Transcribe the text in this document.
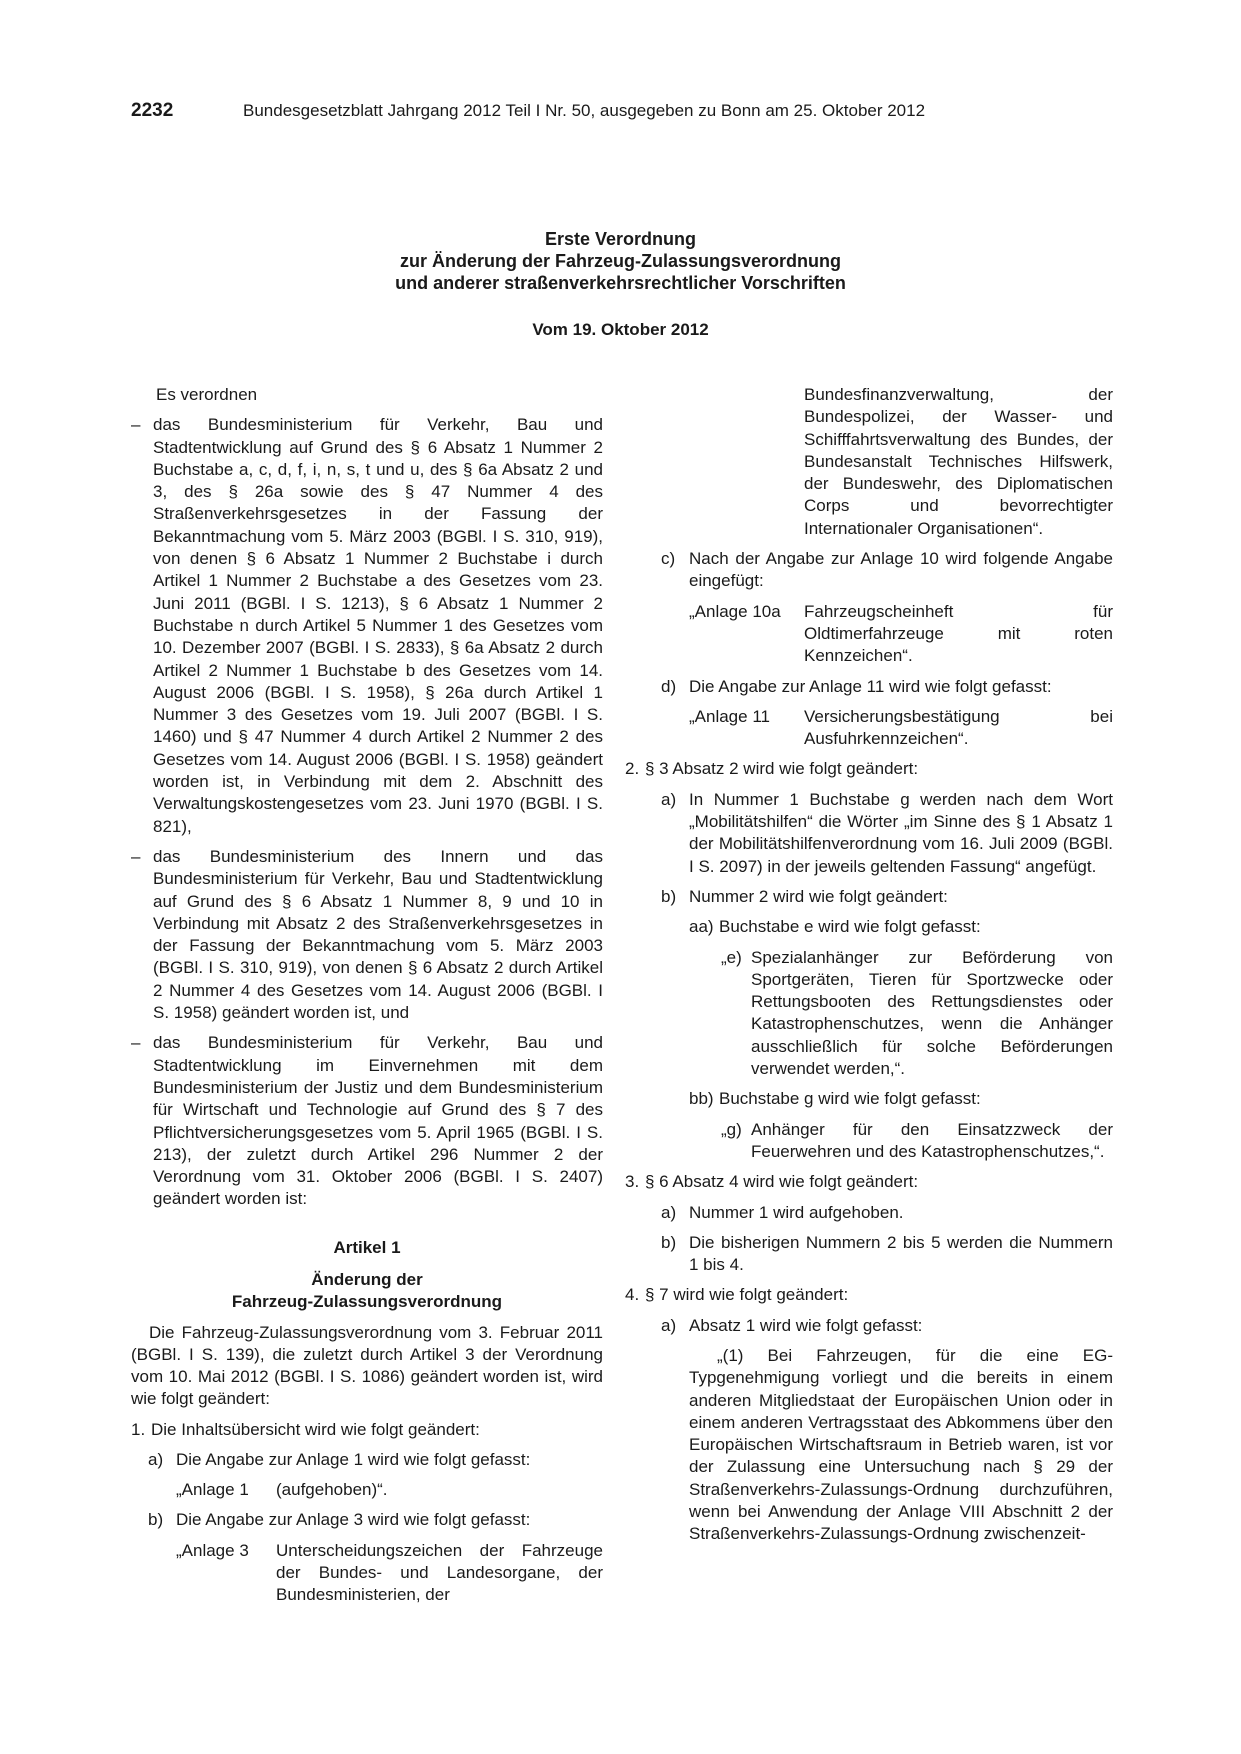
2232	Bundesgesetzblatt Jahrgang 2012 Teil I Nr. 50, ausgegeben zu Bonn am 25. Oktober 2012
Erste Verordnung
zur Änderung der Fahrzeug-Zulassungsverordnung
und anderer straßenverkehrsrechtlicher Vorschriften
Vom 19. Oktober 2012

Es verordnen

– das Bundesministerium für Verkehr, Bau und Stadtentwicklung auf Grund des § 6 Absatz 1 Nummer 2 Buchstabe a, c, d, f, i, n, s, t und u, des § 6a Absatz 2 und 3, des § 26a sowie des § 47 Nummer 4 des Straßenverkehrsgesetzes in der Fassung der Bekanntmachung vom 5. März 2003 (BGBl. I S. 310, 919), von denen § 6 Absatz 1 Nummer 2 Buchstabe i durch Artikel 1 Nummer 2 Buchstabe a des Gesetzes vom 23. Juni 2011 (BGBl. I S. 1213), § 6 Absatz 1 Nummer 2 Buchstabe n durch Artikel 5 Nummer 1 des Gesetzes vom 10. Dezember 2007 (BGBl. I S. 2833), § 6a Absatz 2 durch Artikel 2 Nummer 1 Buchstabe b des Gesetzes vom 14. August 2006 (BGBl. I S. 1958), § 26a durch Artikel 1 Nummer 3 des Gesetzes vom 19. Juli 2007 (BGBl. I S. 1460) und § 47 Nummer 4 durch Artikel 2 Nummer 2 des Gesetzes vom 14. August 2006 (BGBl. I S. 1958) geändert worden ist, in Verbindung mit dem 2. Abschnitt des Verwaltungskostengesetzes vom 23. Juni 1970 (BGBl. I S. 821),

– das Bundesministerium des Innern und das Bundesministerium für Verkehr, Bau und Stadtentwicklung auf Grund des § 6 Absatz 1 Nummer 8, 9 und 10 in Verbindung mit Absatz 2 des Straßenverkehrsgesetzes in der Fassung der Bekanntmachung vom 5. März 2003 (BGBl. I S. 310, 919), von denen § 6 Absatz 2 durch Artikel 2 Nummer 4 des Gesetzes vom 14. August 2006 (BGBl. I S. 1958) geändert worden ist, und

– das Bundesministerium für Verkehr, Bau und Stadtentwicklung im Einvernehmen mit dem Bundesministerium der Justiz und dem Bundesministerium für Wirtschaft und Technologie auf Grund des § 7 des Pflichtversicherungsgesetzes vom 5. April 1965 (BGBl. I S. 213), der zuletzt durch Artikel 296 Nummer 2 der Verordnung vom 31. Oktober 2006 (BGBl. I S. 2407) geändert worden ist:

Artikel 1

Änderung der

Fahrzeug-Zulassungsverordnung

Die Fahrzeug-Zulassungsverordnung vom 3. Februar 2011 (BGBl. I S. 139), die zuletzt durch Artikel 3 der Verordnung vom 10. Mai 2012 (BGBl. I S. 1086) geändert worden ist, wird wie folgt geändert:

1. Die Inhaltsübersicht wird wie folgt geändert:

a) Die Angabe zur Anlage 1 wird wie folgt gefasst:

„Anlage 1 (aufgehoben)“.

b) Die Angabe zur Anlage 3 wird wie folgt gefasst:

„Anlage 3 Unterscheidungszeichen der Fahrzeuge der Bundes- und Landesorgane, der Bundesministerien, der

Bundesfinanzverwaltung, der Bundespolizei, der Wasser- und Schifffahrtsverwaltung des Bundes, der Bundesanstalt Technisches Hilfswerk, der Bundeswehr, des Diplomatischen Corps und bevorrechtigter Internationaler Organisationen“.

c) Nach der Angabe zur Anlage 10 wird folgende Angabe eingefügt:

„Anlage 10a Fahrzeugscheinheft für Oldtimerfahrzeuge mit roten Kennzeichen“.

d) Die Angabe zur Anlage 11 wird wie folgt gefasst:

„Anlage 11 Versicherungsbestätigung bei Ausfuhrkennzeichen“.

2. § 3 Absatz 2 wird wie folgt geändert:

a) In Nummer 1 Buchstabe g werden nach dem Wort „Mobilitätshilfen“ die Wörter „im Sinne des § 1 Absatz 1 der Mobilitätshilfenverordnung vom 16. Juli 2009 (BGBl. I S. 2097) in der jeweils geltenden Fassung“ angefügt.

b) Nummer 2 wird wie folgt geändert:

aa) Buchstabe e wird wie folgt gefasst:

„e) Spezialanhänger zur Beförderung von Sportgeräten, Tieren für Sportzwecke oder Rettungsbooten des Rettungsdienstes oder Katastrophenschutzes, wenn die Anhänger ausschließlich für solche Beförderungen verwendet werden,“.

bb) Buchstabe g wird wie folgt gefasst:

„g) Anhänger für den Einsatzzweck der Feuerwehren und des Katastrophenschutzes,“.

3. § 6 Absatz 4 wird wie folgt geändert:

a) Nummer 1 wird aufgehoben.

b) Die bisherigen Nummern 2 bis 5 werden die Nummern 1 bis 4.

4. § 7 wird wie folgt geändert:

a) Absatz 1 wird wie folgt gefasst:

„(1) Bei Fahrzeugen, für die eine EG-Typgenehmigung vorliegt und die bereits in einem anderen Mitgliedstaat der Europäischen Union oder in einem anderen Vertragsstaat des Abkommens über den Europäischen Wirtschaftsraum in Betrieb waren, ist vor der Zulassung eine Untersuchung nach § 29 der Straßenverkehrs-Zulassungs-Ordnung durchzuführen, wenn bei Anwendung der Anlage VIII Abschnitt 2 der Straßenverkehrs-Zulassungs-Ordnung zwischenzeit-
